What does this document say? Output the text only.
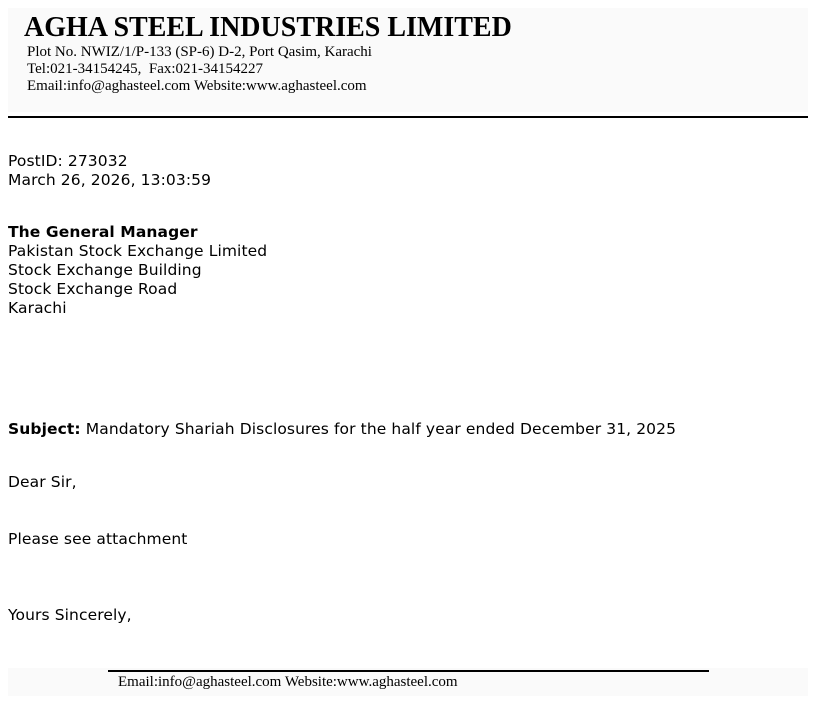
AGHA STEEL INDUSTRIES LIMITED
Plot No. NWIZ/1/P-133 (SP-6) D-2, Port Qasim, Karachi
Tel:021-34154245,  Fax:021-34154227
Email:info@aghasteel.com Website:www.aghasteel.com
PostID: 273032
March 26, 2026, 13:03:59
The General Manager
Pakistan Stock Exchange Limited
Stock Exchange Building
Stock Exchange Road
Karachi
Subject: Mandatory Shariah Disclosures for the half year ended December 31, 2025
Dear Sir,
Please see attachment
Yours Sincerely,
Email:info@aghasteel.com Website:www.aghasteel.com
